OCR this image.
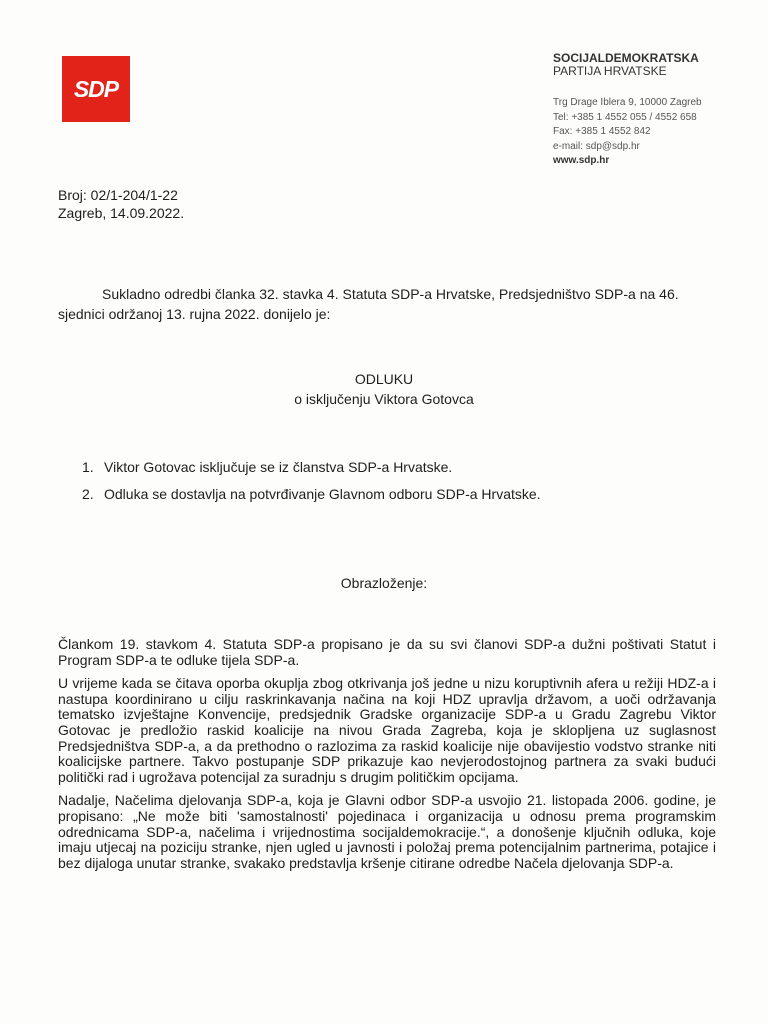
SDP
SOCIJALDEMOKRATSKA
PARTIJA HRVATSKE
Trg Drage Iblera 9, 10000 Zagreb
Tel: +385 1 4552 055 / 4552 658
Fax: +385 1 4552 842
e-mail: sdp@sdp.hr
www.sdp.hr
Broj: 02/1-204/1-22
Zagreb, 14.09.2022.

Sukladno odredbi članka 32. stavka 4. Statuta SDP-a Hrvatske, Predsjedništvo SDP-a na 46. sjednici održanoj 13. rujna 2022. donijelo je:

ODLUKU
o isključenju Viktora Gotovca
1. Viktor Gotovac isključuje se iz članstva SDP-a Hrvatske.
2. Odluka se dostavlja na potvrđivanje Glavnom odboru SDP-a Hrvatske.
Obrazloženje:

Člankom 19. stavkom 4. Statuta SDP-a propisano je da su svi članovi SDP-a dužni poštivati Statut i Program SDP-a te odluke tijela SDP-a.

U vrijeme kada se čitava oporba okuplja zbog otkrivanja još jedne u nizu koruptivnih afera u režiji HDZ-a i nastupa koordinirano u cilju raskrinkavanja načina na koji HDZ upravlja državom, a uoči održavanja tematsko izvještajne Konvencije, predsjednik Gradske organizacije SDP-a u Gradu Zagrebu Viktor Gotovac je predložio raskid koalicije na nivou Grada Zagreba, koja je sklopljena uz suglasnost Predsjedništva SDP-a, a da prethodno o razlozima za raskid koalicije nije obavijestio vodstvo stranke niti koalicijske partnere. Takvo postupanje SDP prikazuje kao nevjerodostojnog partnera za svaki budući politički rad i ugrožava potencijal za suradnju s drugim političkim opcijama.

Nadalje, Načelima djelovanja SDP-a, koja je Glavni odbor SDP-a usvojio 21. listopada 2006. godine, je propisano: „Ne može biti 'samostalnosti' pojedinaca i organizacija u odnosu prema programskim odrednicama SDP-a, načelima i vrijednostima socijaldemokracije.“, a donošenje ključnih odluka, koje imaju utjecaj na poziciju stranke, njen ugled u javnosti i položaj prema potencijalnim partnerima, potajice i bez dijaloga unutar stranke, svakako predstavlja kršenje citirane odredbe Načela djelovanja SDP-a.
